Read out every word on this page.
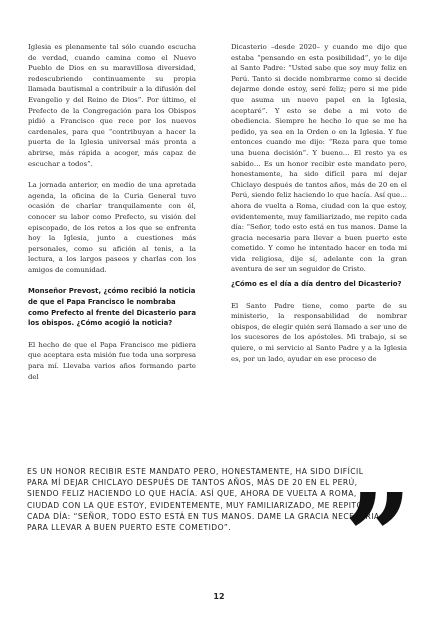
Iglesia es plenamente tal sólo cuando escucha de verdad, cuando camina como el Nuevo Pueblo de Dios en su maravillosa diversidad, redescubriendo continuamente su propia llamada bautismal a contribuir a la difusión del Evangelio y del Reino de Dios”. Por último, el Prefecto de la Congregación para los Obispos pidió a Francisco que rece por los nuevos cardenales, para que “contribuyan a hacer la puerta de la Iglesia universal más pronta a abrirse, más rápida a acoger, más capaz de escuchar a todos”.

La jornada anterior, en medio de una apretada agenda, la oficina de la Curia General tuvo ocasión de charlar tranquilamente con él, conocer su labor como Prefecto, su visión del episcopado, de los retos a los que se enfrenta hoy la Iglesia, junto a cuestiones más personales, como su afición al tenis, a la lectura, a los largos paseos y charlas con los amigos de comunidad.

Monseñor Prevost, ¿cómo recibió la noticia de que el Papa Francisco le nombraba como Prefecto al frente del Dicasterio para los obispos. ¿Cómo acogió la noticia?

El hecho de que el Papa Francisco me pidiera que aceptara esta misión fue toda una sorpresa para mí. Llevaba varios años formando parte del

Dicasterio –desde 2020– y cuando me dijo que estaba “pensando en esta posibilidad”, yo le dije al Santo Padre: “Usted sabe que soy muy feliz en Perú. Tanto si decide nombrarme como si decide dejarme donde estoy, seré feliz; pero si me pide que asuma un nuevo papel en la Iglesia, aceptaré”. Y esto se debe a mi voto de obediencia. Siempre he hecho lo que se me ha pedido, ya sea en la Orden o en la Iglesia. Y fue entonces cuando me dijo: “Reza para que tome una buena decisión”. Y bueno… El resto ya es sabido… Es un honor recibir este mandato pero, honestamente, ha sido difícil para mí dejar Chiclayo después de tantos años, más de 20 en el Perú, siendo feliz haciendo lo que hacía. Así que… ahora de vuelta a Roma, ciudad con la que estoy, evidentemente, muy familiarizado, me repito cada día: “Señor, todo esto está en tus manos. Dame la gracia necesaria para llevar a buen puerto este cometido. Y como he intentado hacer en toda mi vida religiosa, dije sí, adelante con la gran aventura de ser un seguidor de Cristo.

¿Cómo es el día a día dentro del Dicasterio?

El Santo Padre tiene, como parte de su ministerio, la responsabilidad de nombrar obispos, de elegir quién será llamado a ser uno de los sucesores de los apóstoles. Mi trabajo, si se quiere, o mi servicio al Santo Padre y a la Iglesia es, por un lado, ayudar en ese proceso de

ES UN HONOR RECIBIR ESTE MANDATO PERO, HONESTAMENTE, HA SIDO DIFÍCIL PARA MÍ DEJAR CHICLAYO DESPUÉS DE TANTOS AÑOS, MÁS DE 20 EN EL PERÚ, SIENDO FELIZ HACIENDO LO QUE HACÍA. ASÍ QUE, AHORA DE VUELTA A ROMA, CIUDAD CON LA QUE ESTOY, EVIDENTEMENTE, MUY FAMILIARIZADO, ME REPITO CADA DÍA: “SEÑOR, TODO ESTO ESTÁ EN TUS MANOS. DAME LA GRACIA NECESARIA PARA LLEVAR A BUEN PUERTO ESTE COMETIDO”. ”
12
